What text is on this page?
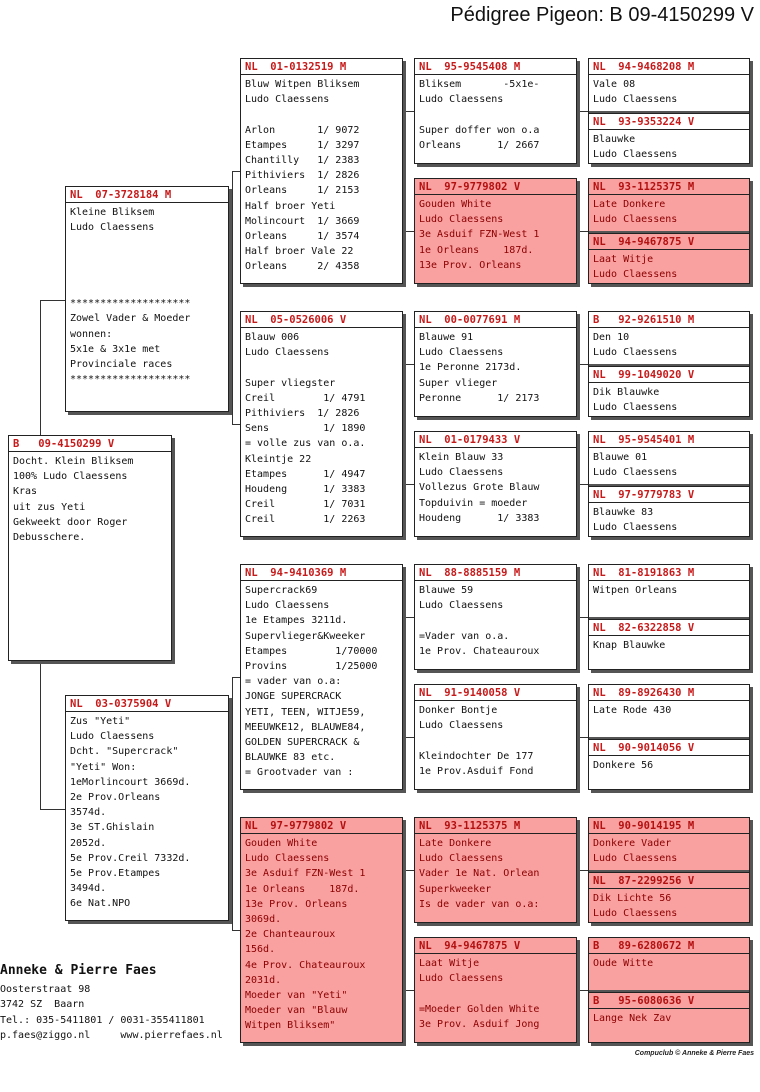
Pédigree Pigeon: B 09-4150299 V
B   09-4150299 V
Docht. Klein Bliksem
100% Ludo Claessens
Kras
uit zus Yeti
Gekweekt door Roger
Debusschere.
NL  07-3728184 M
Kleine Bliksem
Ludo Claessens

********************
Zowel Vader & Moeder
wonnen:
5x1e & 3x1e met
Provinciale races
********************
NL  03-0375904 V
Zus "Yeti"
Ludo Claessens
Dcht. "Supercrack"
"Yeti" Won:
1eMorlincourt 3669d.
2e Prov.Orleans
3574d.
3e ST.Ghislain
2052d.
5e Prov.Creil 7332d.
5e Prov.Etampes
3494d.
6e Nat.NPO
NL  01-0132519 M
Bluw Witpen Bliksem
Ludo Claessens

Arlon       1/ 9072
Etampes     1/ 3297
Chantilly   1/ 2383
Pithiviers  1/ 2826
Orleans     1/ 2153
Half broer Yeti
Molincourt  1/ 3669
Orleans     1/ 3574
Half broer Vale 22
Orleans     2/ 4358
NL  05-0526006 V
Blauw 006
Ludo Claessens

Super vliegster
Creil        1/ 4791
Pithiviers  1/ 2826
Sens         1/ 1890
= volle zus van o.a.
Kleintje 22
Etampes      1/ 4947
Houdeng      1/ 3383
Creil        1/ 7031
Creil        1/ 2263
NL  94-9410369 M
Supercrack69
Ludo Claessens
1e Etampes 3211d.
Supervlieger&Kweeker
Etampes        1/70000
Provins        1/25000
= vader van o.a:
JONGE SUPERCRACK
YETI, TEEN, WITJE59,
MEEUWKE12, BLAUWE84,
GOLDEN SUPERCRACK &
BLAUWKE 83 etc.
= Grootvader van :
NL  97-9779802 V
Gouden White
Ludo Claessens
3e Asduif FZN-West 1
1e Orleans    187d.
13e Prov. Orleans
3069d.
2e Chanteauroux
156d.
4e Prov. Chateauroux
2031d.
Moeder van "Yeti"
Moeder van "Blauw
Witpen Bliksem"
NL  95-9545408 M
Bliksem       -5x1e-
Ludo Claessens

Super doffer won o.a
Orleans      1/ 2667
NL  97-9779802 V
Gouden White
Ludo Claessens
3e Asduif FZN-West 1
1e Orleans    187d.
13e Prov. Orleans
NL  00-0077691 M
Blauwe 91
Ludo Claessens
1e Peronne 2173d.
Super vlieger
Peronne      1/ 2173
NL  01-0179433 V
Klein Blauw 33
Ludo Claessens
Vollezus Grote Blauw
Topduivin = moeder
Houdeng      1/ 3383
NL  88-8885159 M
Blauwe 59
Ludo Claessens

=Vader van o.a.
1e Prov. Chateauroux
NL  91-9140058 V
Donker Bontje
Ludo Claessens

Kleindochter De 177
1e Prov.Asduif Fond
NL  93-1125375 M
Late Donkere
Ludo Claessens
Vader 1e Nat. Orlean
Superkweeker
Is de vader van o.a:
NL  94-9467875 V
Laat Witje
Ludo Claessens

=Moeder Golden White
3e Prov. Asduif Jong
NL  94-9468208 M
Vale 08
Ludo Claessens
NL  93-9353224 V
Blauwke
Ludo Claessens
NL  93-1125375 M
Late Donkere
Ludo Claessens
NL  94-9467875 V
Laat Witje
Ludo Claessens
B   92-9261510 M
Den 10
Ludo Claessens
NL  99-1049020 V
Dik Blauwke
Ludo Claessens
NL  95-9545401 M
Blauwe 01
Ludo Claessens
NL  97-9779783 V
Blauwke 83
Ludo Claessens
NL  81-8191863 M
Witpen Orleans
NL  82-6322858 V
Knap Blauwke
NL  89-8926430 M
Late Rode 430
NL  90-9014056 V
Donkere 56
NL  90-9014195 M
Donkere Vader
Ludo Claessens
NL  87-2299256 V
Dik Lichte 56
Ludo Claessens
B   89-6280672 M
Oude Witte
B   95-6080636 V
Lange Nek Zav
Anneke & Pierre Faes
Oosterstraat 98
3742 SZ  Baarn
Tel.: 035-5411801 / 0031-355411801
p.faes@ziggo.nl     www.pierrefaes.nl
Compuclub © Anneke & Pierre Faes
